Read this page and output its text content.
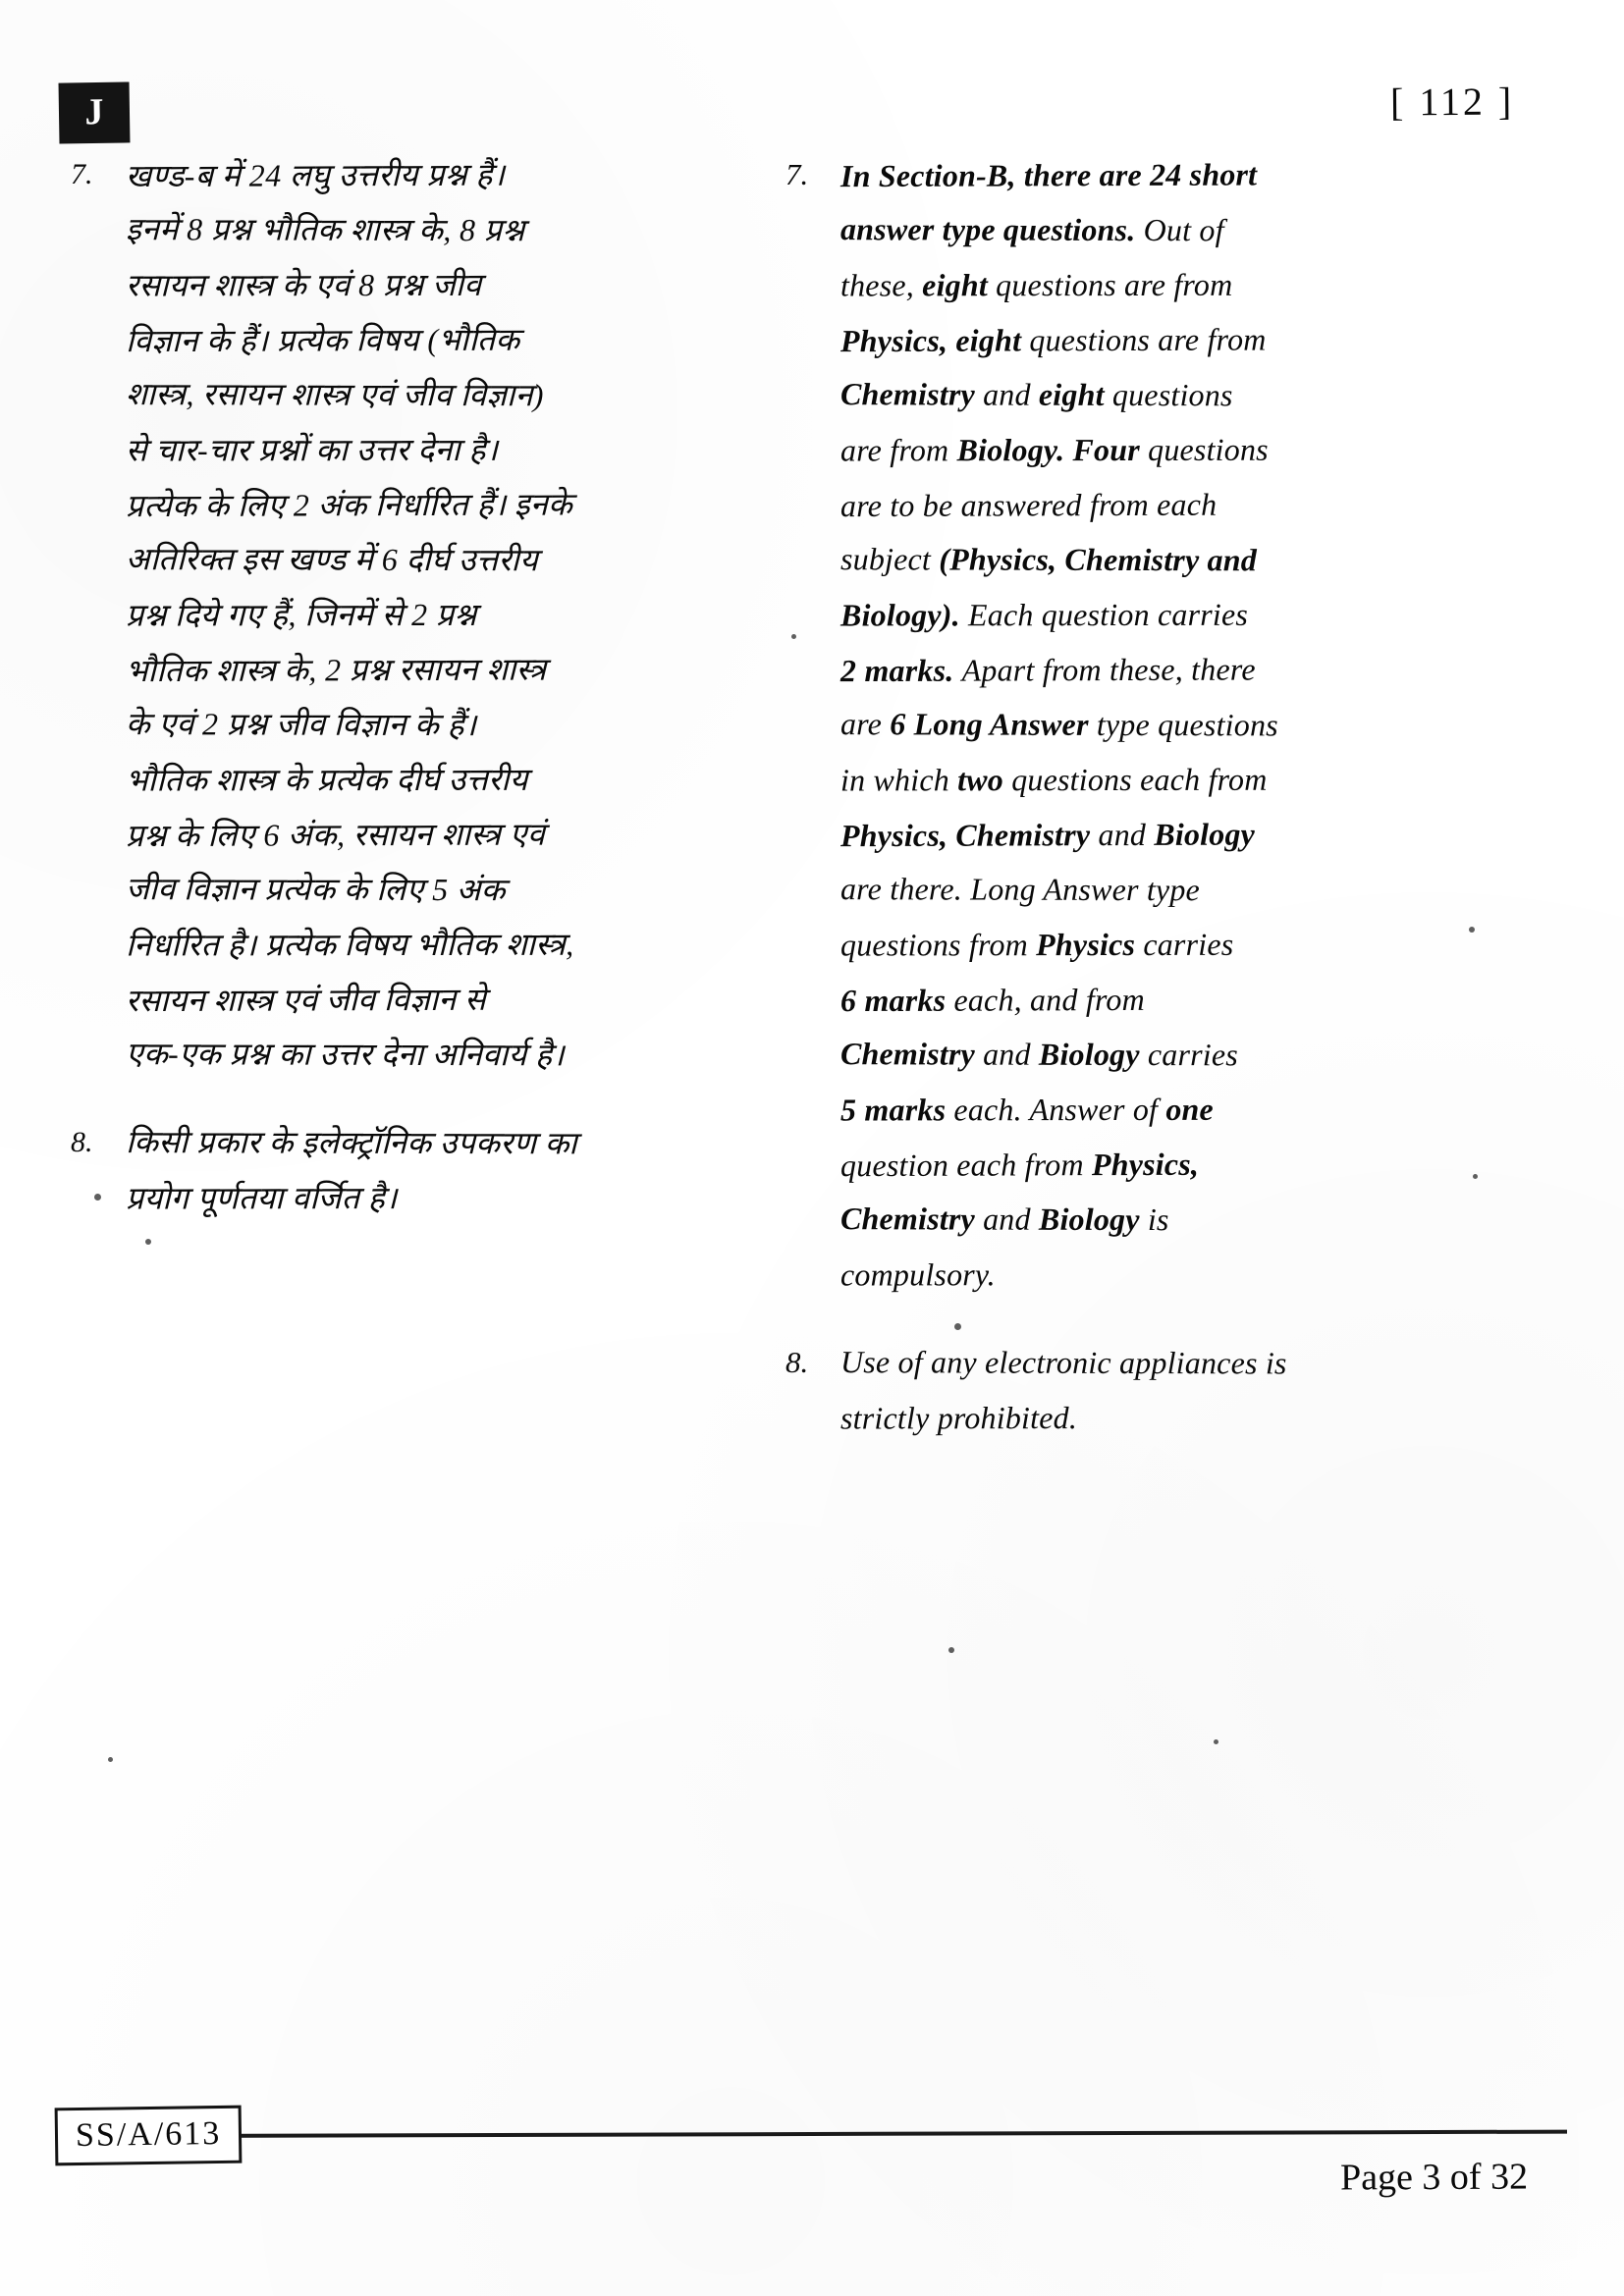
J	[ 112 ]
7.	खण्ड-ब में 24 लघु उत्तरीय प्रश्न हैं।
इनमें 8 प्रश्न भौतिक शास्त्र के, 8 प्रश्न
रसायन शास्त्र के एवं 8 प्रश्न जीव
विज्ञान के हैं। प्रत्येक विषय (भौतिक
शास्त्र, रसायन शास्त्र एवं जीव विज्ञान)
से चार-चार प्रश्नों का उत्तर देना है।
प्रत्येक के लिए 2 अंक निर्धारित हैं। इनके
अतिरिक्त इस खण्ड में 6 दीर्घ उत्तरीय
प्रश्न दिये गए हैं, जिनमें से 2 प्रश्न
भौतिक शास्त्र के, 2 प्रश्न रसायन शास्त्र
के एवं 2 प्रश्न जीव विज्ञान के हैं।
भौतिक शास्त्र के प्रत्येक दीर्घ उत्तरीय
प्रश्न के लिए 6 अंक, रसायन शास्त्र एवं
जीव विज्ञान प्रत्येक के लिए 5 अंक
निर्धारित है। प्रत्येक विषय भौतिक शास्त्र,
रसायन शास्त्र एवं जीव विज्ञान से
एक-एक प्रश्न का उत्तर देना अनिवार्य है।
8.	किसी प्रकार के इलेक्ट्रॉनिक उपकरण का
प्रयोग पूर्णतया वर्जित है।
7.	In Section-B, there are 24 short
answer type questions. Out of
these, eight questions are from
Physics, eight questions are from
Chemistry and eight questions
are from Biology. Four questions
are to be answered from each
subject (Physics, Chemistry and
Biology). Each question carries
2 marks. Apart from these, there
are 6 Long Answer type questions
in which two questions each from
Physics, Chemistry and Biology
are there. Long Answer type
questions from Physics carries
6 marks each, and from
Chemistry and Biology carries
5 marks each. Answer of one
question each from Physics,
Chemistry and Biology is
compulsory.
8.	Use of any electronic appliances is
strictly prohibited.
SS/A/613
Page 3 of 32
